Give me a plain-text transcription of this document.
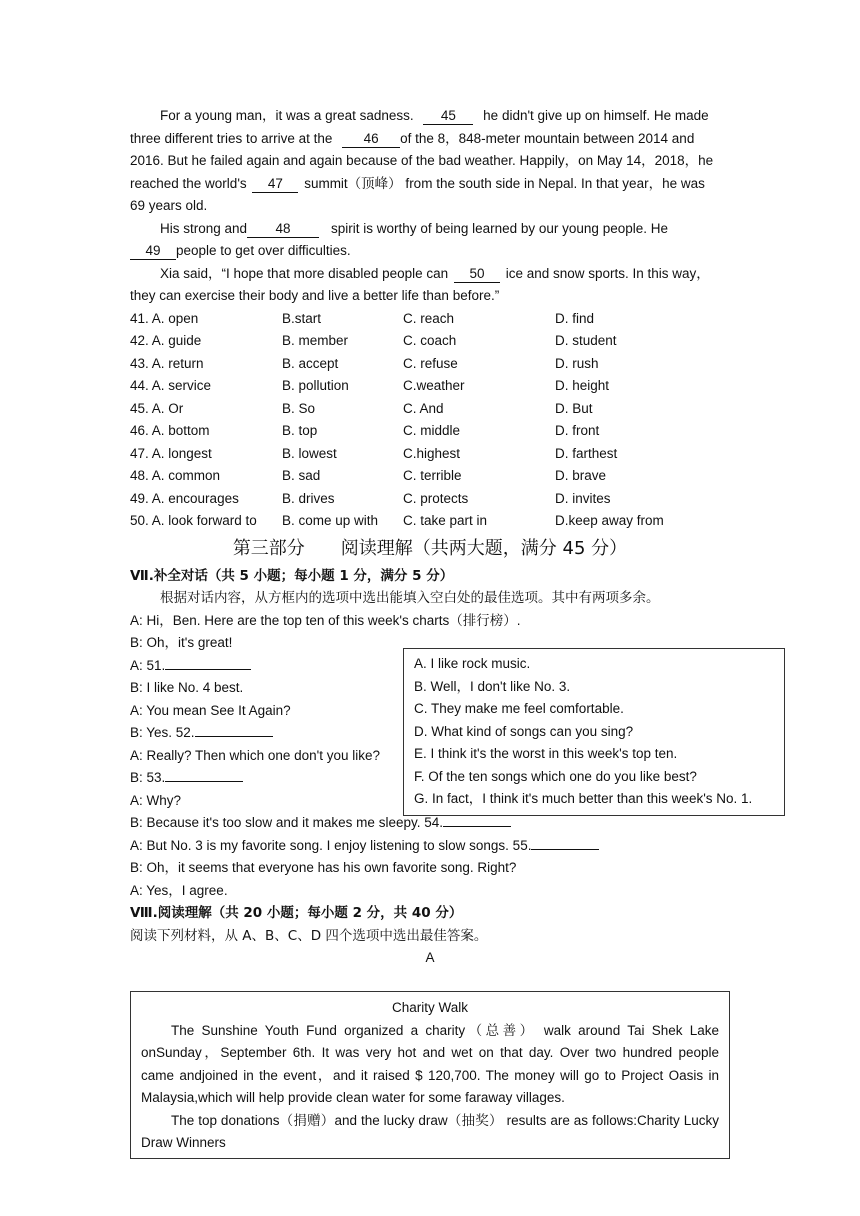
For a young man，it was a great sadness. 45 he didn't give up on himself. He made
three different tries to arrive at the 46 of the 8，848-meter mountain between 2014 and
2016. But he failed again and again because of the bad weather. Happily，on May 14，2018，he
reached the world's 47 summit（顶峰） from the south side in Nepal. In that year，he was
69 years old.
His strong and 48	spirit is worthy of being learned by our young people. He
49 people to get over difficulties.
Xia said，“I hope that more disabled people can 50 ice and snow sports. In this way，
they can exercise their body and live a better life than before.”
41. A. open	B.start	C. reach	D. find
42. A. guide	B. member	C. coach	D. student
43. A. return	B. accept	C. refuse	D. rush
44. A. service	B. pollution	C.weather	D. height
45. A. Or	B. So	C. And	D. But
46. A. bottom	B. top	C. middle	D. front
47. A. longest	B. lowest	C.highest	D. farthest
48. A. common	B. sad	C. terrible	D. brave
49. A. encourages	B. drives	C. protects	D. invites
50. A. look forward to	B. come up with	C. take part in	D.keep away from
第三部分　　阅读理解（共两大题，满分 45 分）
Ⅶ.补全对话（共 5 小题；每小题 1 分，满分 5 分）
根据对话内容，从方框内的选项中选出能填入空白处的最佳选项。其中有两项多余。
A: Hi，Ben. Here are the top ten of this week's charts（排行榜）.
B: Oh，it's great!
A: 51.
B: I like No. 4 best.
A: You mean See It Again?
B: Yes. 52.
A: Really? Then which one don't you like?
B: 53.
A: Why?
B: Because it's too slow and it makes me sleepy. 54.
A: But No. 3 is my favorite song. I enjoy listening to slow songs. 55.
B: Oh，it seems that everyone has his own favorite song. Right?
A: Yes，I agree.
Ⅷ.阅读理解（共 20 小题；每小题 2 分，共 40 分）
阅读下列材料，从 A、B、C、D 四个选项中选出最佳答案。
A
A. I like rock music.
B. Well，I don't like No. 3.
C. They make me feel comfortable.
D. What kind of songs can you sing?
E. I think it's the worst in this week's top ten.
F. Of the ten songs which one do you like best?
G. In fact，I think it's much better than this week's No. 1.
Charity Walk
The Sunshine Youth Fund organized a charity（总善） walk around Tai Shek Lake
onSunday，September 6th. It was very hot and wet on that day. Over two hundred people
came andjoined in the event，and it raised $ 120,700. The money will go to Project Oasis in
Malaysia,which will help provide clean water for some faraway villages.
The top donations（捐赠）and the lucky draw（抽奖） results are as follows:Charity Lucky
Draw Winners
